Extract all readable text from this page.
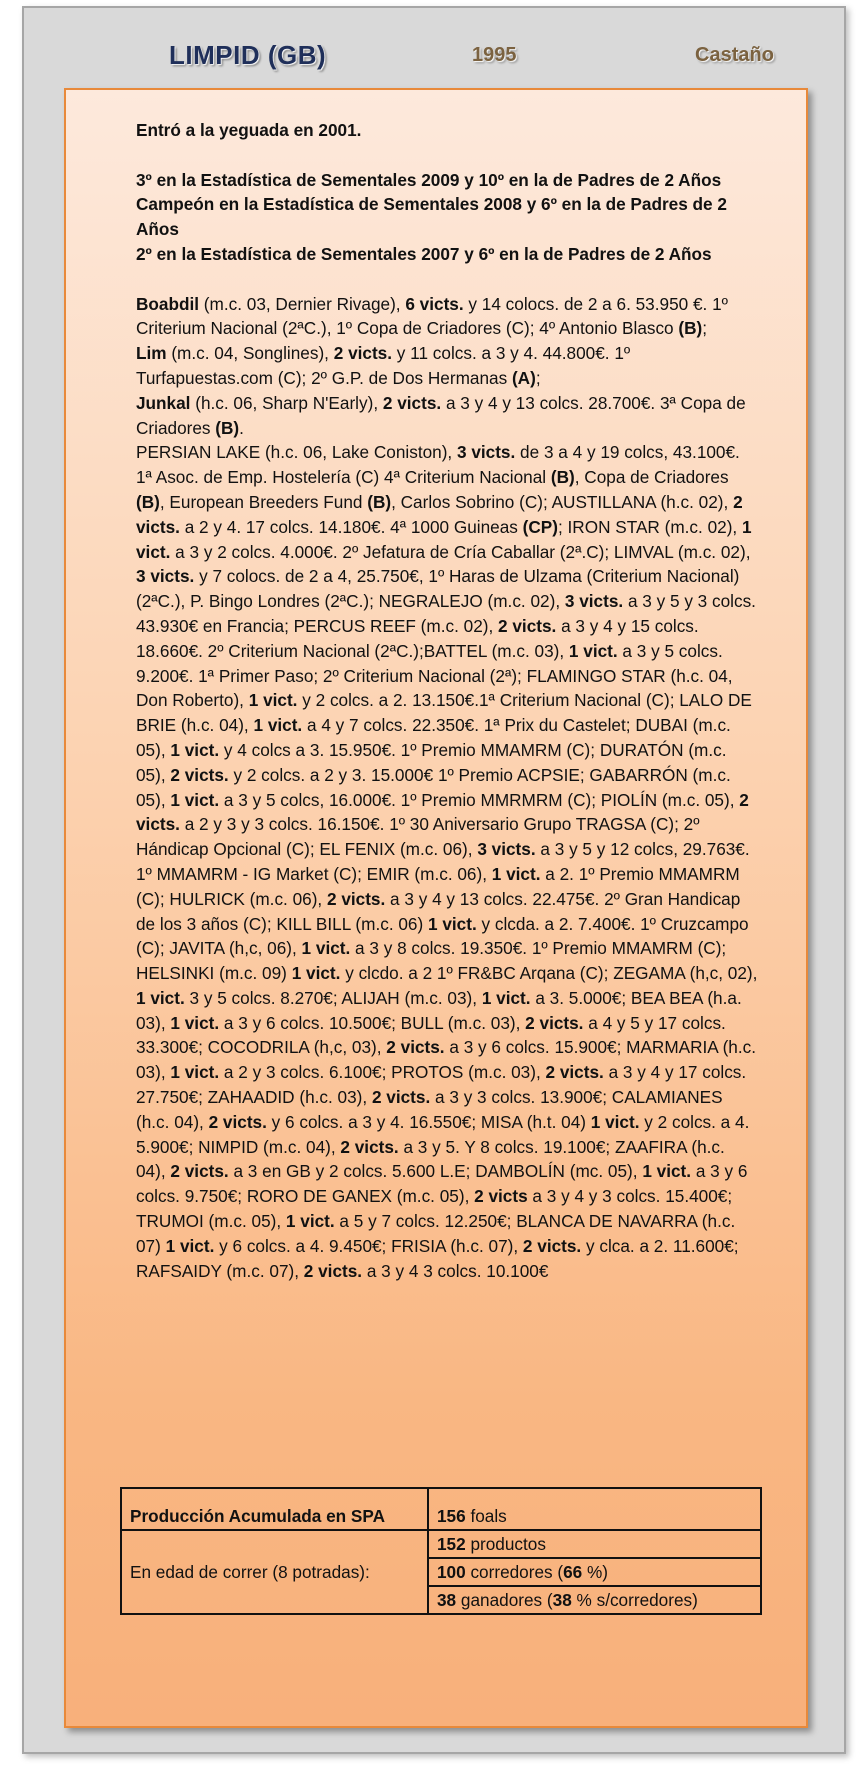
LIMPID (GB)	1995	Castaño

Entró a la yeguada en 2001.

3º en la Estadística de Sementales 2009 y 10º en la de Padres de 2 Años

Campeón en la Estadística de Sementales 2008 y 6º en la de Padres de 2 Años

2º en la Estadística de Sementales 2007 y 6º en la de Padres de 2 Años

Boabdil (m.c. 03, Dernier Rivage), 6 victs. y 14 colocs. de 2 a 6. 53.950 €. 1º Criterium Nacional (2ªC.), 1º Copa de Criadores (C); 4º Antonio Blasco (B);

Lim (m.c. 04, Songlines), 2 victs. y 11 colcs. a 3 y 4. 44.800€. 1º Turfapuestas.com (C); 2º G.P. de Dos Hermanas (A);

Junkal (h.c. 06, Sharp N'Early), 2 victs. a 3 y 4 y 13 colcs. 28.700€. 3ª Copa de Criadores (B).

PERSIAN LAKE (h.c. 06, Lake Coniston), 3 victs. de 3 a 4 y 19 colcs, 43.100€. 1ª Asoc. de Emp. Hostelería (C) 4ª Criterium Nacional (B), Copa de Criadores (B), European Breeders Fund (B), Carlos Sobrino (C); AUSTILLANA (h.c. 02), 2 victs. a 2 y 4. 17 colcs. 14.180€. 4ª 1000 Guineas (CP); IRON STAR (m.c. 02), 1 vict. a 3 y 2 colcs. 4.000€. 2º Jefatura de Cría Caballar (2ª.C); LIMVAL (m.c. 02), 3 victs. y 7 colocs. de 2 a 4, 25.750€, 1º Haras de Ulzama (Criterium Nacional)(2ªC.), P. Bingo Londres (2ªC.); NEGRALEJO (m.c. 02), 3 victs. a 3 y 5 y 3 colcs. 43.930€ en Francia; PERCUS REEF (m.c. 02), 2 victs. a 3 y 4 y 15 colcs. 18.660€. 2º Criterium Nacional (2ªC.);BATTEL (m.c. 03), 1 vict. a 3 y 5 colcs. 9.200€. 1ª Primer Paso; 2º Criterium Nacional (2ª); FLAMINGO STAR (h.c. 04, Don Roberto), 1 vict. y 2 colcs. a 2. 13.150€.1ª Criterium Nacional (C); LALO DE BRIE (h.c. 04), 1 vict. a 4 y 7 colcs. 22.350€. 1ª Prix du Castelet; DUBAI (m.c. 05), 1 vict. y 4 colcs a 3. 15.950€. 1º Premio MMAMRM (C); DURATÓN (m.c. 05), 2 victs. y 2 colcs. a 2 y 3. 15.000€ 1º Premio ACPSIE; GABARRÓN (m.c. 05), 1 vict. a 3 y 5 colcs, 16.000€. 1º Premio MMRMRM (C); PIOLÍN (m.c. 05), 2 victs. a 2 y 3 y 3 colcs. 16.150€. 1º 30 Aniversario Grupo TRAGSA (C); 2º Hándicap Opcional (C); EL FENIX (m.c. 06), 3 victs. a 3 y 5 y 12 colcs, 29.763€. 1º MMAMRM - IG Market (C); EMIR (m.c. 06), 1 vict. a 2. 1º Premio MMAMRM (C); HULRICK (m.c. 06), 2 victs. a 3 y 4 y 13 colcs. 22.475€. 2º Gran Handicap de los 3 años (C); KILL BILL (m.c. 06) 1 vict. y clcda. a 2. 7.400€. 1º Cruzcampo (C); JAVITA (h,c, 06), 1 vict. a 3 y 8 colcs. 19.350€. 1º Premio MMAMRM (C); HELSINKI (m.c. 09) 1 vict. y clcdo. a 2 1º FR&BC Arqana (C); ZEGAMA (h,c, 02), 1 vict. 3 y 5 colcs. 8.270€; ALIJAH (m.c. 03), 1 vict. a 3. 5.000€; BEA BEA (h.a. 03), 1 vict. a 3 y 6 colcs. 10.500€; BULL (m.c. 03), 2 victs. a 4 y 5 y 17 colcs. 33.300€; COCODRILA (h,c, 03), 2 victs. a 3 y 6 colcs. 15.900€; MARMARIA (h.c. 03), 1 vict. a 2 y 3 colcs. 6.100€; PROTOS (m.c. 03), 2 victs. a 3 y 4 y 17 colcs. 27.750€; ZAHAADID (h.c. 03), 2 victs. a 3 y 3 colcs. 13.900€; CALAMIANES (h.c. 04), 2 victs. y 6 colcs. a 3 y 4. 16.550€; MISA (h.t. 04) 1 vict. y 2 colcs. a 4. 5.900€; NIMPID (m.c. 04), 2 victs. a 3 y 5. Y 8 colcs. 19.100€; ZAAFIRA (h.c. 04), 2 victs. a 3 en GB y 2 colcs. 5.600 L.E; DAMBOLÍN (mc. 05), 1 vict. a 3 y 6 colcs. 9.750€; RORO DE GANEX (m.c. 05), 2 victs a 3 y 4 y 3 colcs. 15.400€; TRUMOI (m.c. 05), 1 vict. a 5 y 7 colcs. 12.250€; BLANCA DE NAVARRA (h.c. 07) 1 vict. y 6 colcs. a 4. 9.450€; FRISIA (h.c. 07), 2 victs. y clca. a 2. 11.600€; RAFSAIDY (m.c. 07), 2 victs. a 3 y 4 3 colcs. 10.100€

Producción Acumulada en SPA	156 foals
En edad de correr (8 potradas):	152 productos
	100 corredores (66 %)
	38 ganadores (38 % s/corredores)
